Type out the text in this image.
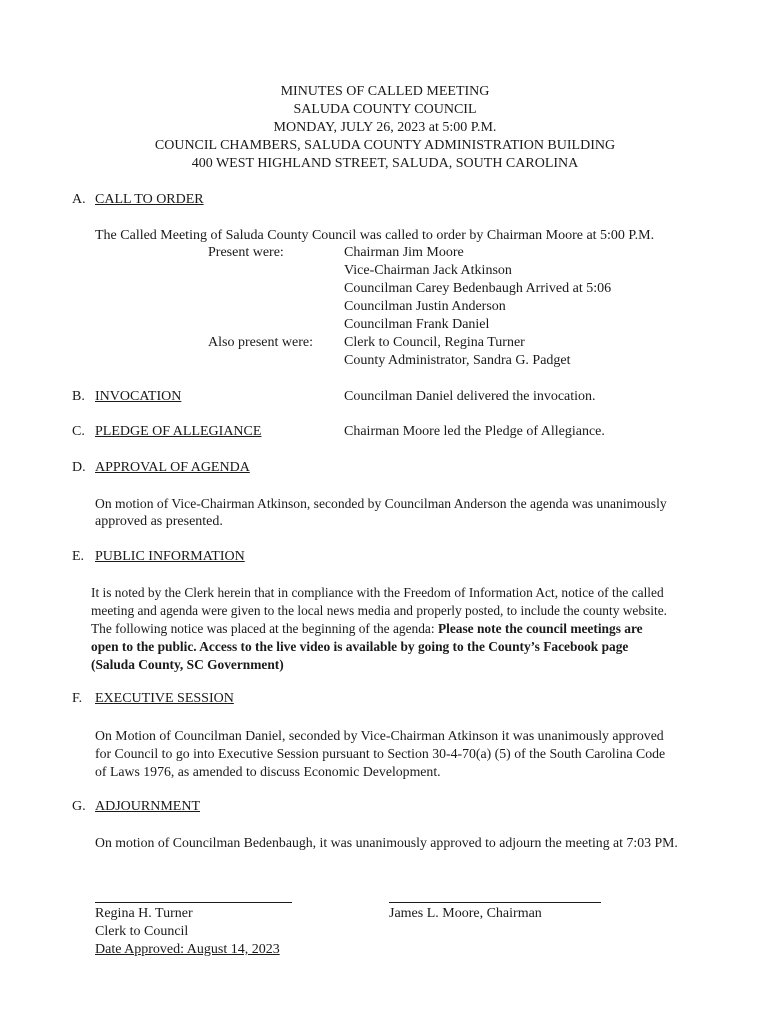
MINUTES OF CALLED MEETING
SALUDA COUNTY COUNCIL
MONDAY, JULY 26, 2023 at 5:00 P.M.
COUNCIL CHAMBERS, SALUDA COUNTY ADMINISTRATION BUILDING
400 WEST HIGHLAND STREET, SALUDA, SOUTH CAROLINA
A. CALL TO ORDER
The Called Meeting of Saluda County Council was called to order by Chairman Moore at 5:00 P.M.
Present were:	Chairman Jim Moore
Vice-Chairman Jack Atkinson
Councilman Carey Bedenbaugh Arrived at 5:06
Councilman Justin Anderson
Councilman Frank Daniel
Also present were: Clerk to Council, Regina Turner
County Administrator, Sandra G. Padget
B. INVOCATION	Councilman Daniel delivered the invocation.
C. PLEDGE OF ALLEGIANCE	Chairman Moore led the Pledge of Allegiance.
D. APPROVAL OF AGENDA
On motion of Vice-Chairman Atkinson, seconded by Councilman Anderson the agenda was unanimously
approved as presented.
E. PUBLIC INFORMATION
It is noted by the Clerk herein that in compliance with the Freedom of Information Act, notice of the called
meeting and agenda were given to the local news media and properly posted, to include the county website.
The following notice was placed at the beginning of the agenda: Please note the council meetings are
open to the public. Access to the live video is available by going to the County’s Facebook page
(Saluda County, SC Government)
F. EXECUTIVE SESSION
On Motion of Councilman Daniel, seconded by Vice-Chairman Atkinson it was unanimously approved
for Council to go into Executive Session pursuant to Section 30-4-70(a) (5) of the South Carolina Code
of Laws 1976, as amended to discuss Economic Development.
G. ADJOURNMENT
On motion of Councilman Bedenbaugh, it was unanimously approved to adjourn the meeting at 7:03 PM.
Regina H. Turner
Clerk to Council
Date Approved: August 14, 2023
James L. Moore, Chairman
